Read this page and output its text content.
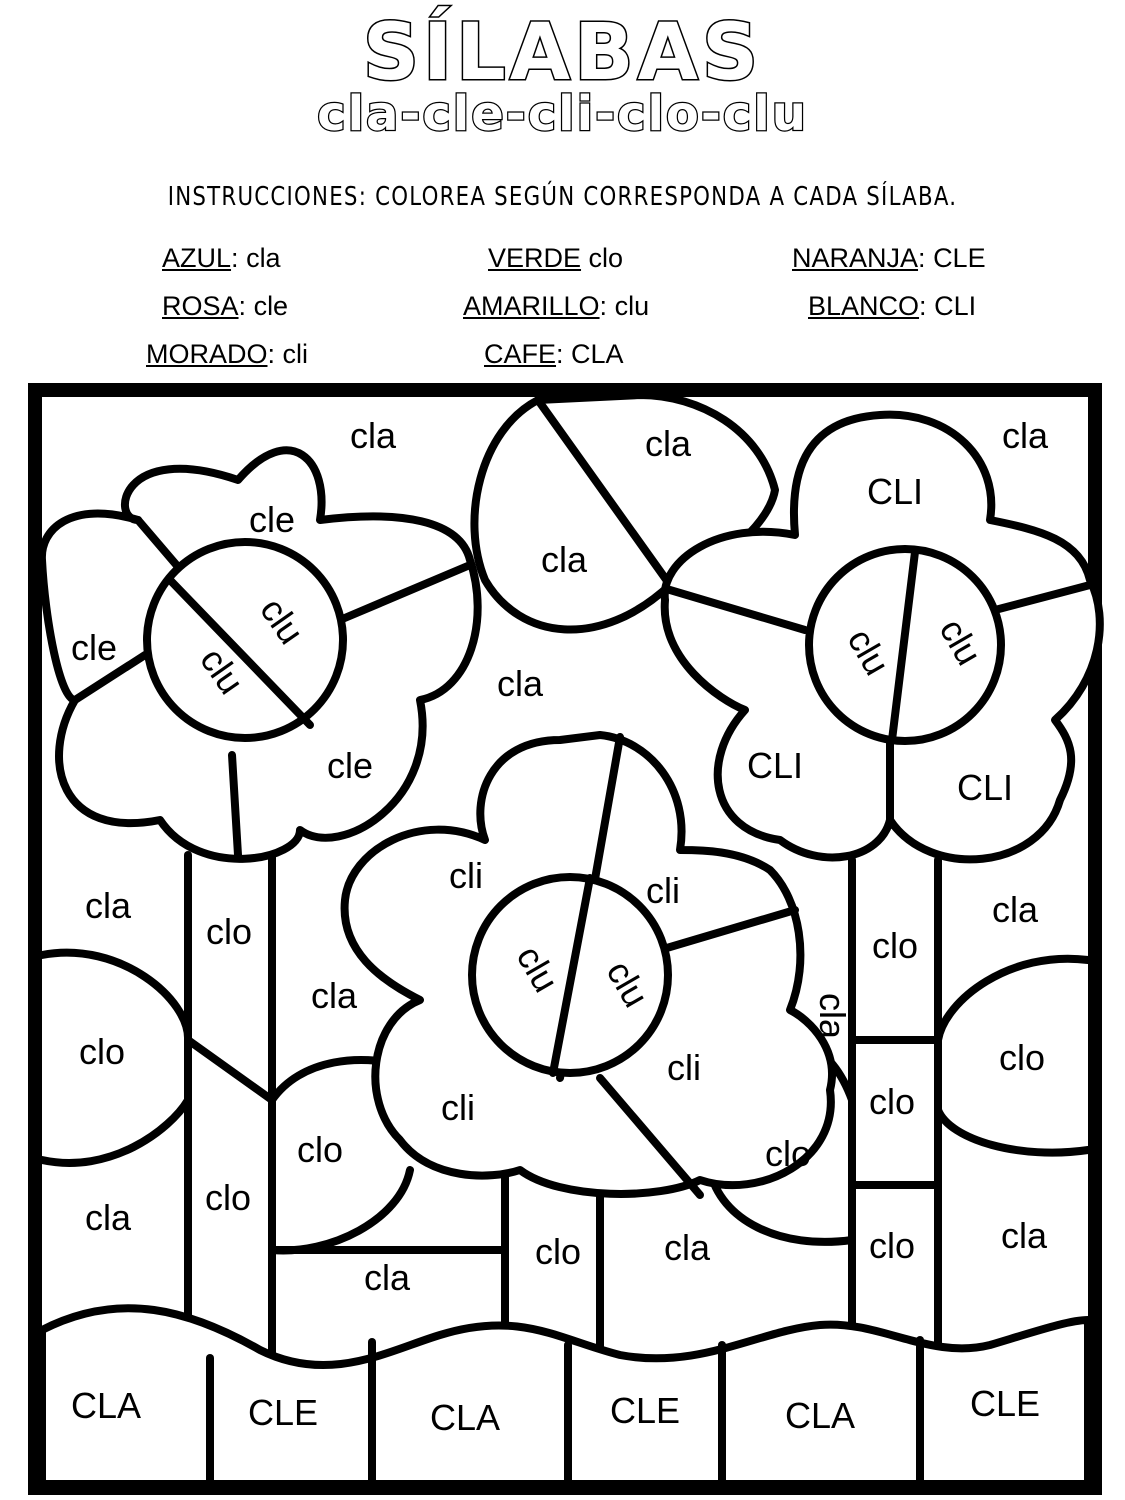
SÍLABAS
cla-cle-cli-clo-clu
INSTRUCCIONES: COLOREA SEGÚN CORRESPONDA A CADA SÍLABA.
AZUL: cla	VERDE clo	NARANJA: CLE
ROSA: cle	AMARILLO: clu	BLANCO: CLI
MORADO: cli	CAFE: CLA
cla	cla	cla
cla
cla
cla
cle
cle
cle
clu
clu
CLI
CLI
CLI
clu clu
cli	cli
cli
cli
clu clu
clo
clo
clo
clo
clo
clo
clo
clo
clo
clo
cla
cla
cla
cla
cla
cla	cla
CLA	CLE	CLA	CLE	CLA	CLE
